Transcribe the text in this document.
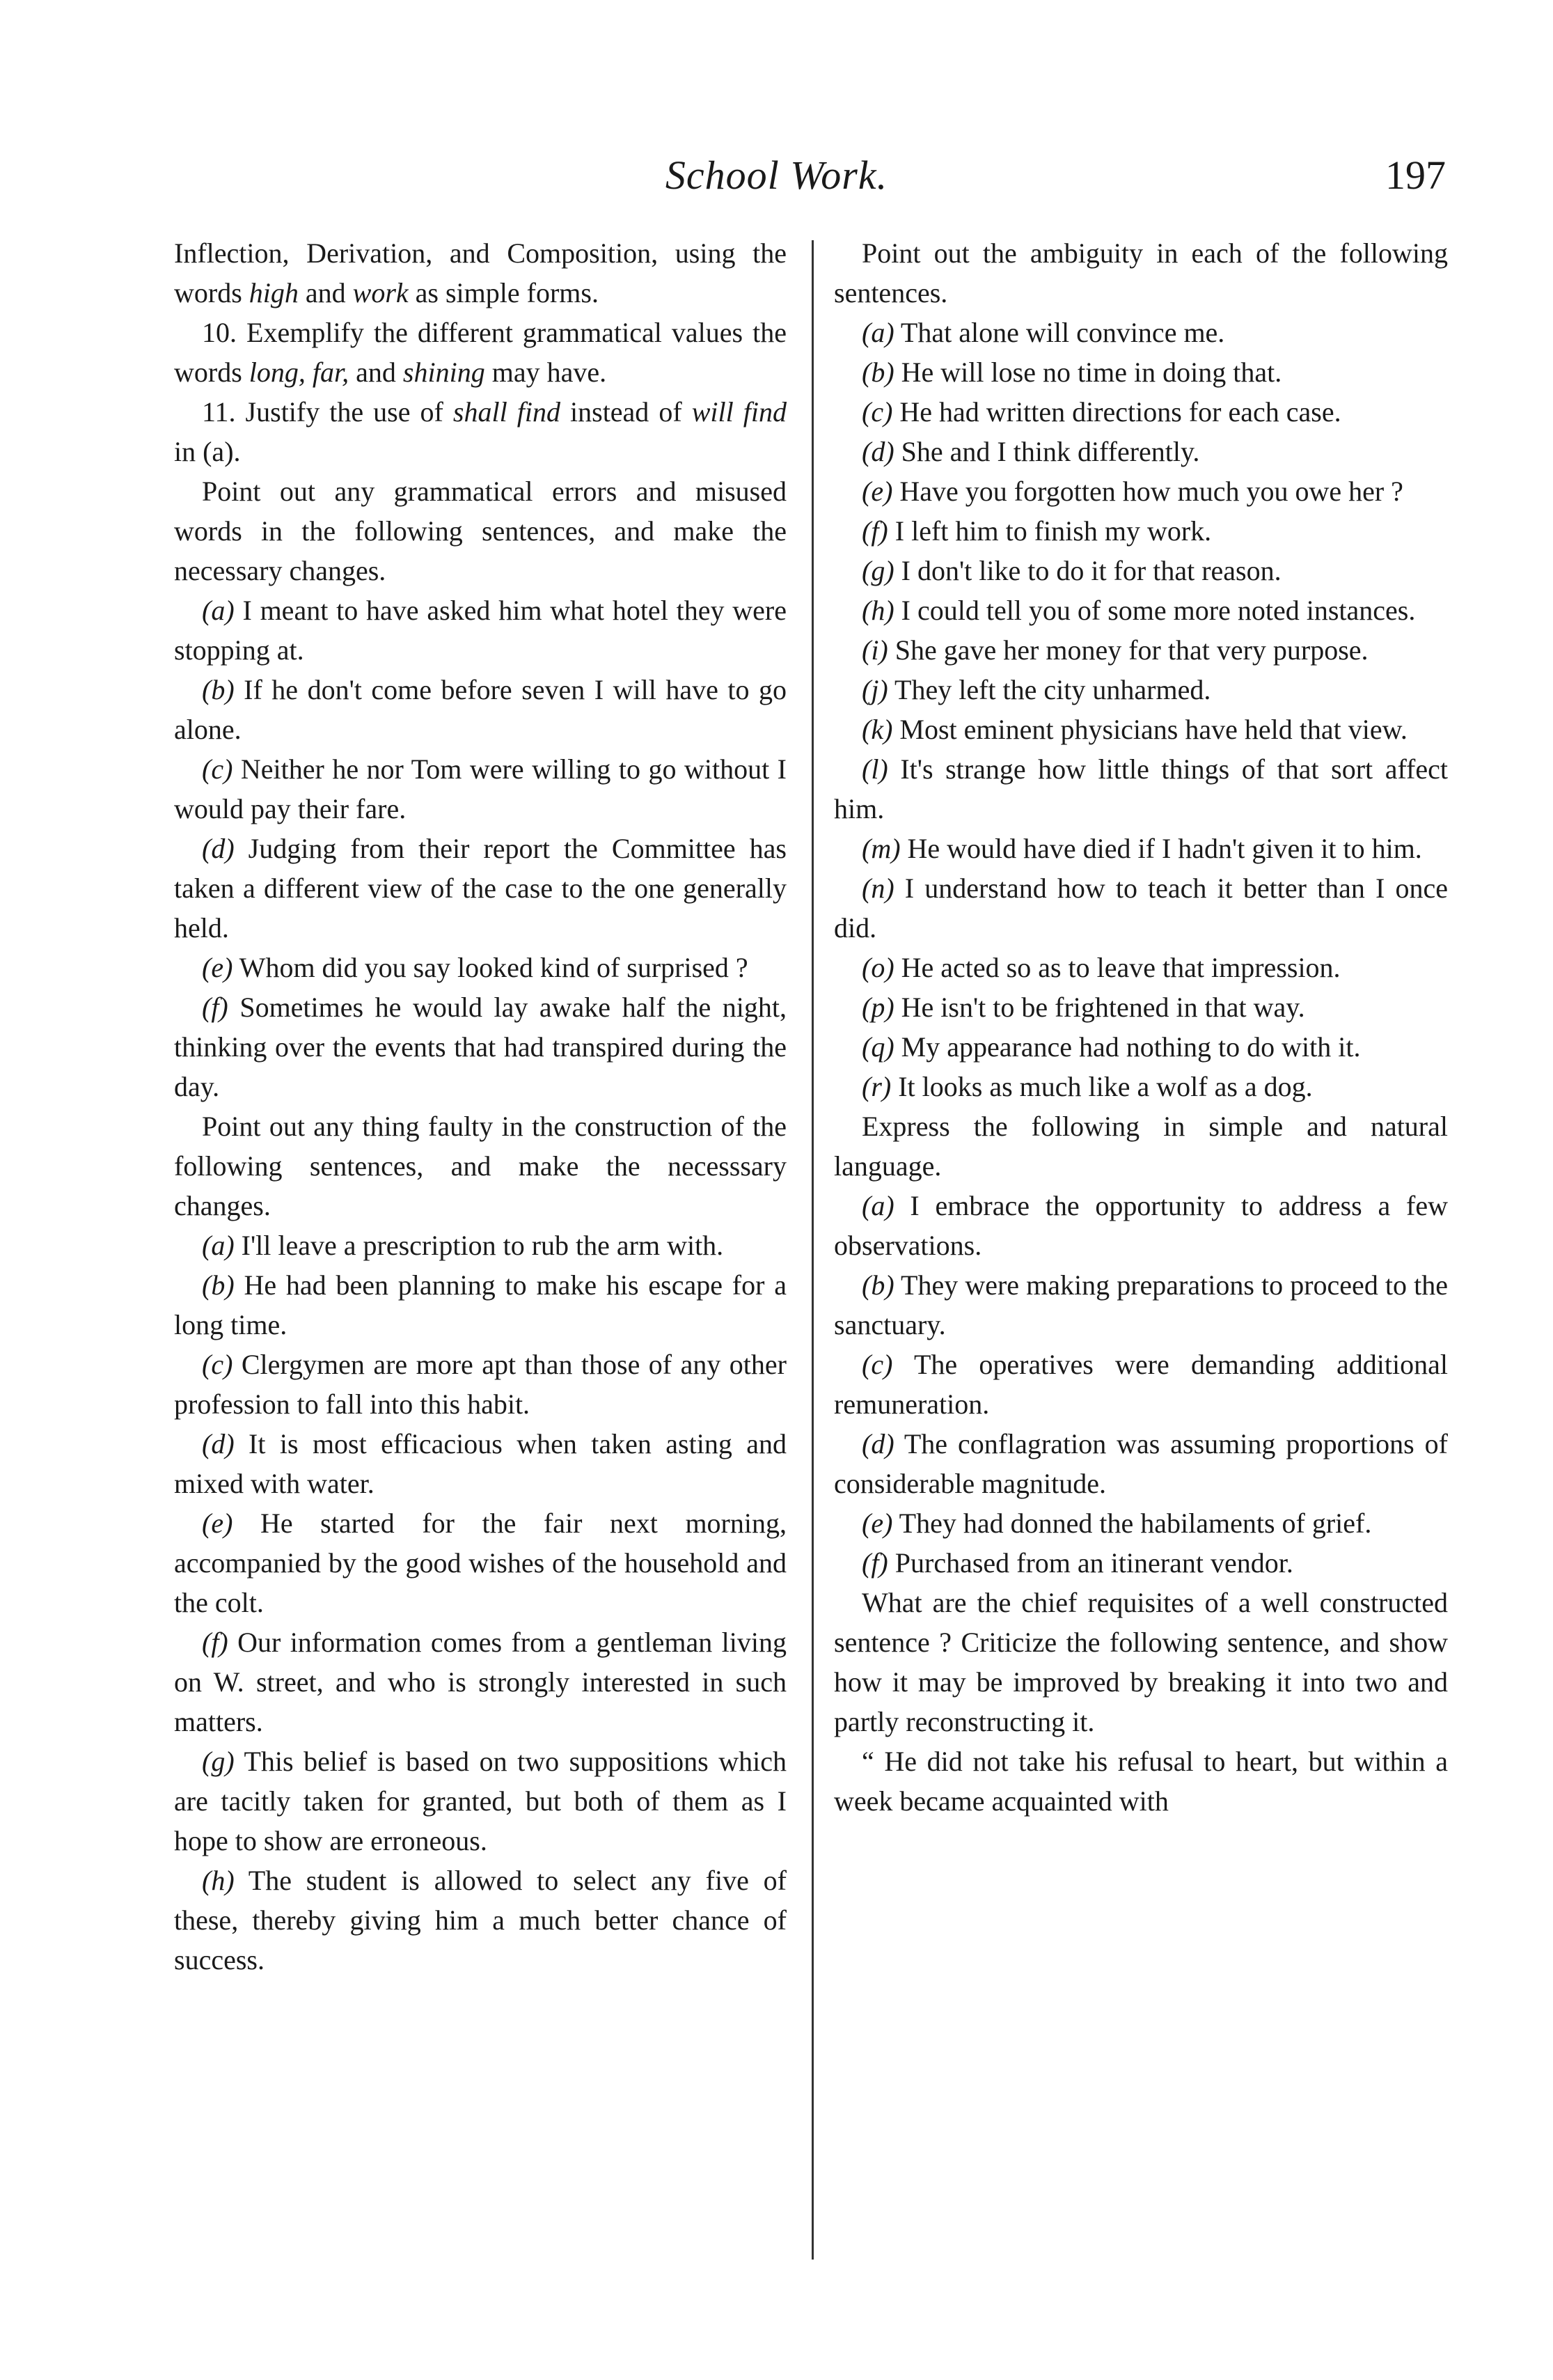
School Work.	197

Inflection, Derivation, and Composition, using the words high and work as simple forms.

10. Exemplify the different grammatical values the words long, far, and shining may have.

11. Justify the use of shall find instead of will find in (a).

Point out any grammatical errors and misused words in the following sentences, and make the necessary changes.

(a) I meant to have asked him what hotel they were stopping at.

(b) If he don't come before seven I will have to go alone.

(c) Neither he nor Tom were willing to go without I would pay their fare.

(d) Judging from their report the Committee has taken a different view of the case to the one generally held.

(e) Whom did you say looked kind of surprised ?

(f) Sometimes he would lay awake half the night, thinking over the events that had transpired during the day.

Point out any thing faulty in the construction of the following sentences, and make the necesssary changes.

(a) I'll leave a prescription to rub the arm with.

(b) He had been planning to make his escape for a long time.

(c) Clergymen are more apt than those of any other profession to fall into this habit.

(d) It is most efficacious when taken asting and mixed with water.

(e) He started for the fair next morning, accompanied by the good wishes of the household and the colt.

(f) Our information comes from a gentleman living on W. street, and who is strongly interested in such matters.

(g) This belief is based on two suppositions which are tacitly taken for granted, but both of them as I hope to show are erroneous.

(h) The student is allowed to select any five of these, thereby giving him a much better chance of success.

Point out the ambiguity in each of the following sentences.

(a) That alone will convince me.

(b) He will lose no time in doing that.

(c) He had written directions for each case.

(d) She and I think differently.

(e) Have you forgotten how much you owe her ?

(f) I left him to finish my work.

(g) I don't like to do it for that reason.

(h) I could tell you of some more noted instances.

(i) She gave her money for that very purpose.

(j) They left the city unharmed.

(k) Most eminent physicians have held that view.

(l) It's strange how little things of that sort affect him.

(m) He would have died if I hadn't given it to him.

(n) I understand how to teach it better than I once did.

(o) He acted so as to leave that impression.

(p) He isn't to be frightened in that way.

(q) My appearance had nothing to do with it.

(r) It looks as much like a wolf as a dog.

Express the following in simple and natural language.

(a) I embrace the opportunity to address a few observations.

(b) They were making preparations to proceed to the sanctuary.

(c) The operatives were demanding additional remuneration.

(d) The conflagration was assuming proportions of considerable magnitude.

(e) They had donned the habilaments of grief.

(f) Purchased from an itinerant vendor.

What are the chief requisites of a well constructed sentence ? Criticize the following sentence, and show how it may be improved by breaking it into two and partly reconstructing it.

“ He did not take his refusal to heart, but within a week became acquainted with
